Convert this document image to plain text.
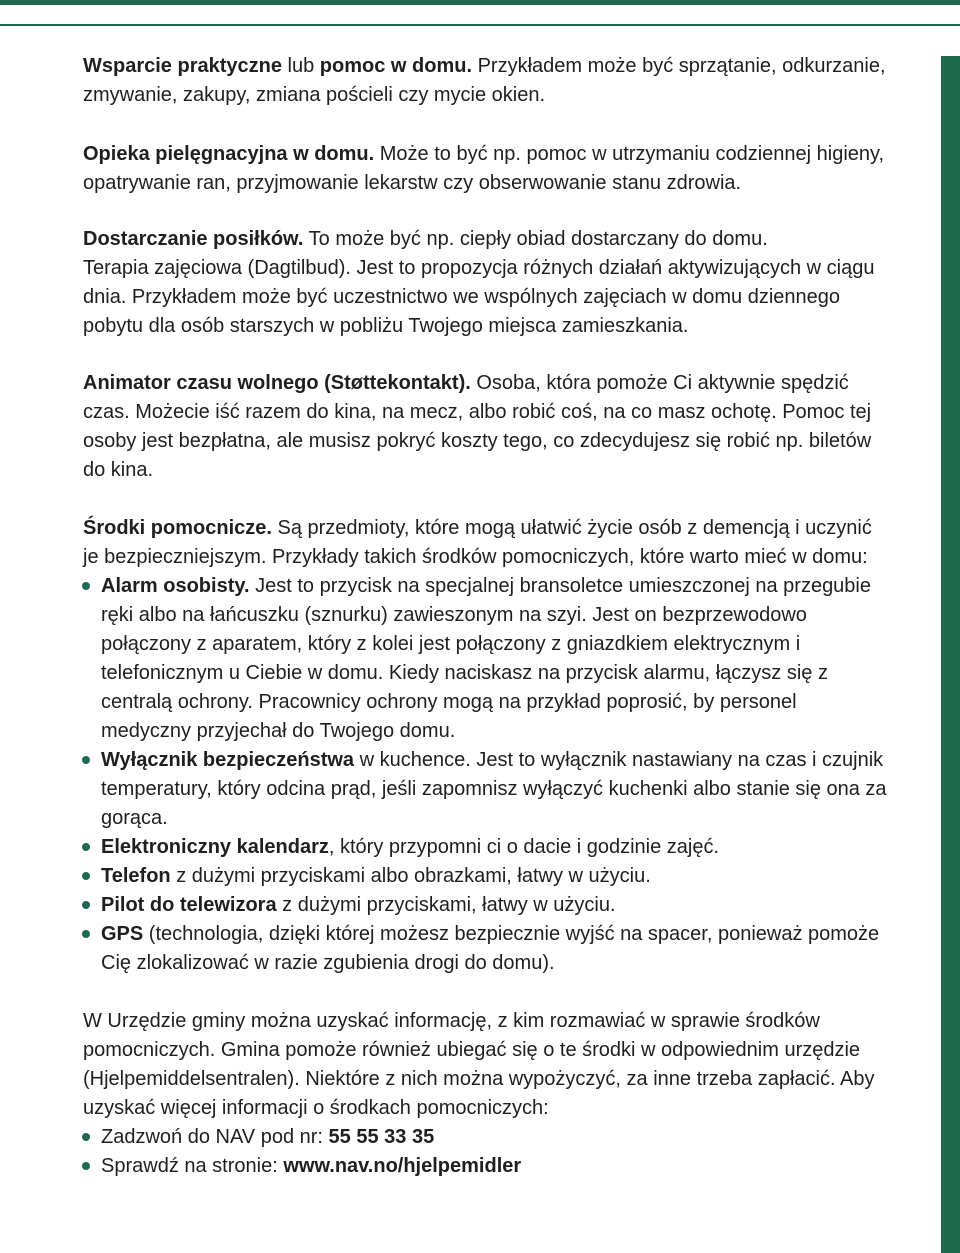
Wsparcie praktyczne lub pomoc w domu. Przykładem może być sprzątanie, odkurzanie, zmywanie, zakupy, zmiana pościeli czy mycie okien.

Opieka pielęgnacyjna w domu. Może to być np. pomoc w utrzymaniu codziennej higieny, opatrywanie ran, przyjmowanie lekarstw czy obserwowanie stanu zdrowia.

Dostarczanie posiłków. To może być np. ciepły obiad dostarczany do domu.

Terapia zajęciowa (Dagtilbud). Jest to propozycja różnych działań aktywizujących w ciągu dnia. Przykładem może być uczestnictwo we wspólnych zajęciach w domu dziennego pobytu dla osób starszych w pobliżu Twojego miejsca zamieszkania.

Animator czasu wolnego (Støttekontakt). Osoba, która pomoże Ci aktywnie spędzić czas. Możecie iść razem do kina, na mecz, albo robić coś, na co masz ochotę. Pomoc tej osoby jest bezpłatna, ale musisz pokryć koszty tego, co zdecydujesz się robić np. biletów do kina.

Środki pomocnicze. Są przedmioty, które mogą ułatwić życie osób z demencją i uczynić je bezpieczniejszym. Przykłady takich środków pomocniczych, które warto mieć w domu:

Alarm osobisty. Jest to przycisk na specjalnej bransoletce umieszczonej na przegubie ręki albo na łańcuszku (sznurku) zawieszonym na szyi. Jest on bezprzewodowo połączony z aparatem, który z kolei jest połączony z gniazdkiem elektrycznym i telefonicznym u Ciebie w domu. Kiedy naciskasz na przycisk alarmu, łączysz się z centralą ochrony. Pracownicy ochrony mogą na przykład poprosić, by personel medyczny przyjechał do Twojego domu.
Wyłącznik bezpieczeństwa w kuchence. Jest to wyłącznik nastawiany na czas i czujnik temperatury, który odcina prąd, jeśli zapomnisz wyłączyć kuchenki albo stanie się ona za gorąca.
Elektroniczny kalendarz, który przypomni ci o dacie i godzinie zajęć.
Telefon z dużymi przyciskami albo obrazkami, łatwy w użyciu.
Pilot do telewizora z dużymi przyciskami, łatwy w użyciu.
GPS (technologia, dzięki której możesz bezpiecznie wyjść na spacer, ponieważ pomoże Cię zlokalizować w razie zgubienia drogi do domu).

W Urzędzie gminy można uzyskać informację, z kim rozmawiać w sprawie środków pomocniczych. Gmina pomoże również ubiegać się o te środki w odpowiednim urzędzie (Hjelpemiddelsentralen). Niektóre z nich można wypożyczyć, za inne trzeba zapłacić. Aby uzyskać więcej informacji o środkach pomocniczych:

Zadzwoń do NAV pod nr: 55 55 33 35
Sprawdź na stronie: www.nav.no/hjelpemidler
